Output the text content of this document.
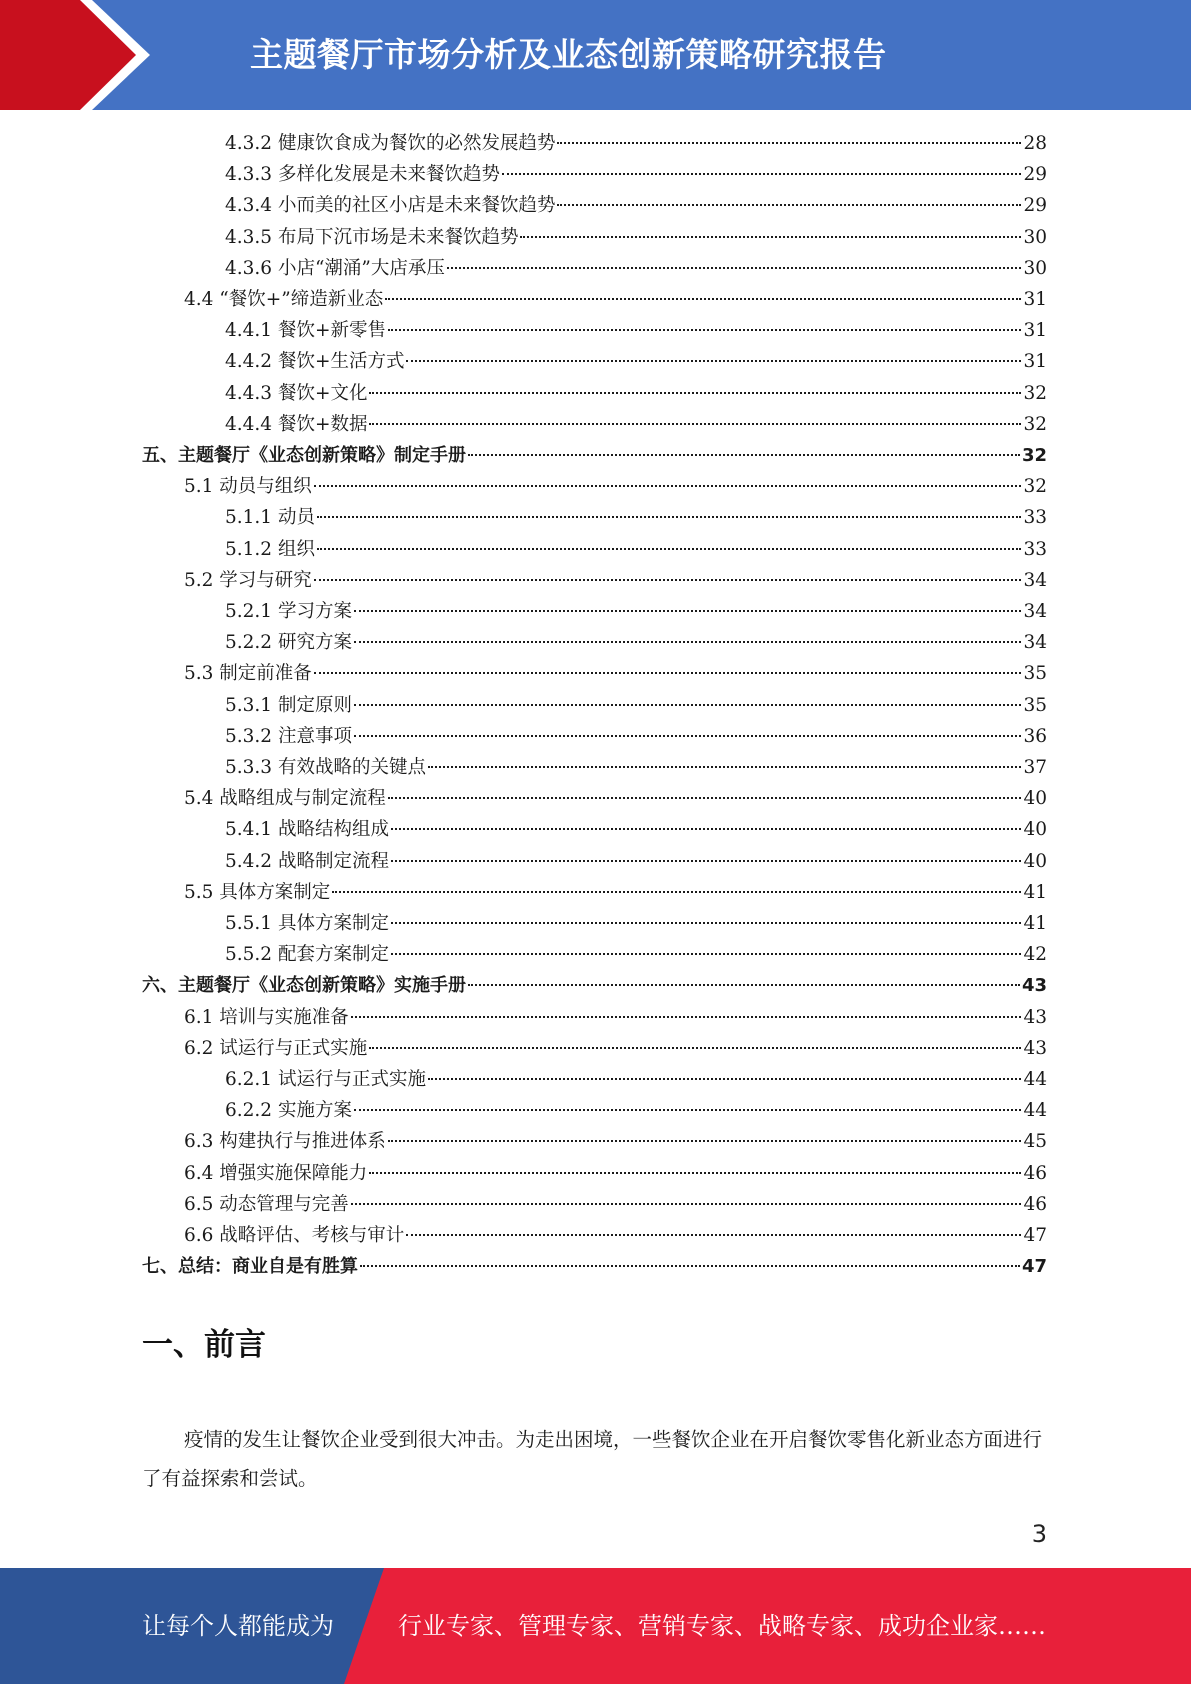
主题餐厅市场分析及业态创新策略研究报告
4.3.2 健康饮食成为餐饮的必然发展趋势	28
4.3.3 多样化发展是未来餐饮趋势	29
4.3.4 小而美的社区小店是未来餐饮趋势	29
4.3.5 布局下沉市场是未来餐饮趋势	30
4.3.6 小店“潮涌”大店承压	30
4.4 “餐饮+”缔造新业态	31
4.4.1 餐饮+新零售	31
4.4.2 餐饮+生活方式	31
4.4.3 餐饮+文化	32
4.4.4 餐饮+数据	32
五、主题餐厅《业态创新策略》制定手册	32
5.1 动员与组织	32
5.1.1 动员	33
5.1.2 组织	33
5.2 学习与研究	34
5.2.1 学习方案	34
5.2.2 研究方案	34
5.3 制定前准备	35
5.3.1 制定原则	35
5.3.2 注意事项	36
5.3.3 有效战略的关键点	37
5.4 战略组成与制定流程	40
5.4.1 战略结构组成	40
5.4.2 战略制定流程	40
5.5 具体方案制定	41
5.5.1 具体方案制定	41
5.5.2 配套方案制定	42
六、主题餐厅《业态创新策略》实施手册	43
6.1 培训与实施准备	43
6.2 试运行与正式实施	43
6.2.1 试运行与正式实施	44
6.2.2 实施方案	44
6.3 构建执行与推进体系	45
6.4 增强实施保障能力	46
6.5 动态管理与完善	46
6.6 战略评估、考核与审计	47
七、总结：商业自是有胜算	47
一、前言
疫情的发生让餐饮企业受到很大冲击。为走出困境，一些餐饮企业在开启餐饮零售化新业态方面进行了有益探索和尝试。
3
让每个人都能成为	行业专家、管理专家、营销专家、战略专家、成功企业家……
